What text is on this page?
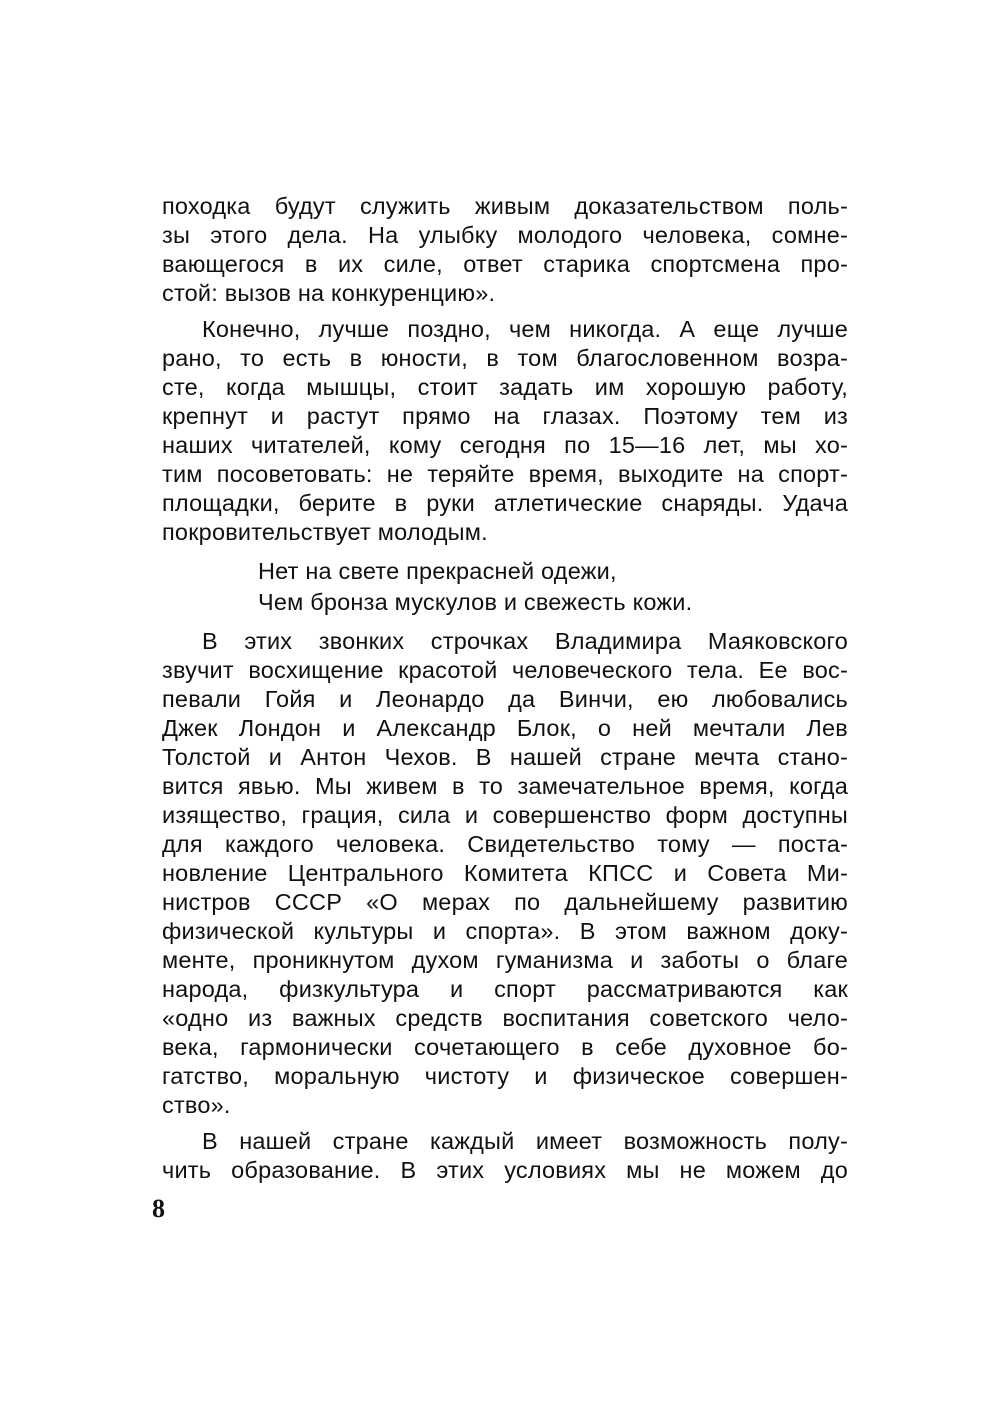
походка будут служить живым доказательством поль-
зы этого дела. На улыбку молодого человека, сомне-
вающегося в их силе, ответ старика спортсмена про-
стой: вызов на конкуренцию».
Конечно, лучше поздно, чем никогда. А еще лучше
рано, то есть в юности, в том благословенном возра-
сте, когда мышцы, стоит задать им хорошую работу,
крепнут и растут прямо на глазах. Поэтому тем из
наших читателей, кому сегодня по 15—16 лет, мы хо-
тим посоветовать: не теряйте время, выходите на спорт-
площадки, берите в руки атлетические снаряды. Удача
покровительствует молодым.
Нет на свете прекрасней одежи,
Чем бронза мускулов и свежесть кожи.
В этих звонких строчках Владимира Маяковского
звучит восхищение красотой человеческого тела. Ее вос-
певали Гойя и Леонардо да Винчи, ею любовались
Джек Лондон и Александр Блок, о ней мечтали Лев
Толстой и Антон Чехов. В нашей стране мечта стано-
вится явью. Мы живем в то замечательное время, когда
изящество, грация, сила и совершенство форм доступны
для каждого человека. Свидетельство тому — поста-
новление Центрального Комитета КПСС и Совета Ми-
нистров СССР «О мерах по дальнейшему развитию
физической культуры и спорта». В этом важном доку-
менте, проникнутом духом гуманизма и заботы о благе
народа, физкультура и спорт рассматриваются как
«одно из важных средств воспитания советского чело-
века, гармонически сочетающего в себе духовное бо-
гатство, моральную чистоту и физическое совершен-
ство».
В нашей стране каждый имеет возможность полу-
чить образование. В этих условиях мы не можем до
8
